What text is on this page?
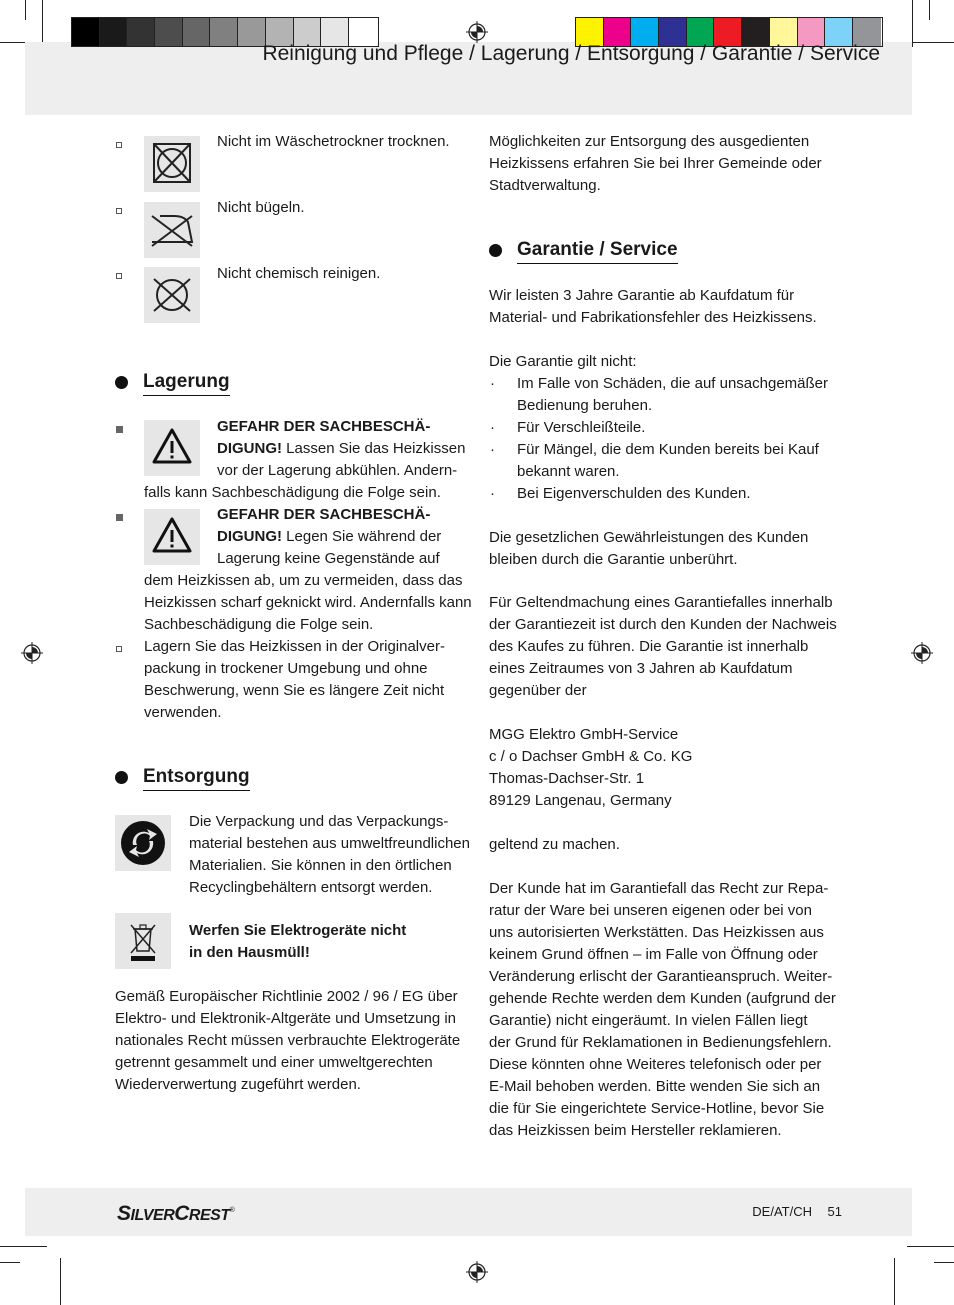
Reinigung und Pflege / Lagerung / Entsorgung / Garantie / Service
Nicht im Wäschetrockner trocknen.
Nicht bügeln.
Nicht chemisch reinigen.
Lagerung
GEFAHR DER SACHBESCHÄ-
DIGUNG! Lassen Sie das Heizkissen
vor der Lagerung abkühlen. Andern-
falls kann Sachbeschädigung die Folge sein.
GEFAHR DER SACHBESCHÄ-
DIGUNG! Legen Sie während der
Lagerung keine Gegenstände auf
dem Heizkissen ab, um zu vermeiden, dass das
Heizkissen scharf geknickt wird. Andernfalls kann
Sachbeschädigung die Folge sein.
Lagern Sie das Heizkissen in der Originalver-
packung in trockener Umgebung und ohne
Beschwerung, wenn Sie es längere Zeit nicht
verwenden.
Entsorgung
Die Verpackung und das Verpackungs-
material bestehen aus umweltfreundlichen
Materialien. Sie können in den örtlichen
Recyclingbehältern entsorgt werden.
Werfen Sie Elektrogeräte nicht
in den Hausmüll!
Gemäß Europäischer Richtlinie 2002 / 96 / EG über
Elektro- und Elektronik-Altgeräte und Umsetzung in
nationales Recht müssen verbrauchte Elektrogeräte
getrennt gesammelt und einer umweltgerechten
Wiederverwertung zugeführt werden.
Möglichkeiten zur Entsorgung des ausgedienten
Heizkissens erfahren Sie bei Ihrer Gemeinde oder
Stadtverwaltung.
Garantie / Service
Wir leisten 3 Jahre Garantie ab Kaufdatum für
Material- und Fabrikationsfehler des Heizkissens.
Die Garantie gilt nicht:
· Im Falle von Schäden, die auf unsachgemäßer
Bedienung beruhen.
· Für Verschleißteile.
· Für Mängel, die dem Kunden bereits bei Kauf
bekannt waren.
· Bei Eigenverschulden des Kunden.
Die gesetzlichen Gewährleistungen des Kunden
bleiben durch die Garantie unberührt.
Für Geltendmachung eines Garantiefalles innerhalb
der Garantiezeit ist durch den Kunden der Nachweis
des Kaufes zu führen. Die Garantie ist innerhalb
eines Zeitraumes von 3 Jahren ab Kaufdatum
gegenüber der
MGG Elektro GmbH-Service
c / o Dachser GmbH & Co. KG
Thomas-Dachser-Str. 1
89129 Langenau, Germany
geltend zu machen.
Der Kunde hat im Garantiefall das Recht zur Repa-
ratur der Ware bei unseren eigenen oder bei von
uns autorisierten Werkstätten. Das Heizkissen aus
keinem Grund öffnen – im Falle von Öffnung oder
Veränderung erlischt der Garantieanspruch. Weiter-
gehende Rechte werden dem Kunden (aufgrund der
Garantie) nicht eingeräumt. In vielen Fällen liegt
der Grund für Reklamationen in Bedienungsfehlern.
Diese könnten ohne Weiteres telefonisch oder per
E-Mail behoben werden. Bitte wenden Sie sich an
die für Sie eingerichtete Service-Hotline, bevor Sie
das Heizkissen beim Hersteller reklamieren.
SILVERCREST®	DE/AT/CH 51
